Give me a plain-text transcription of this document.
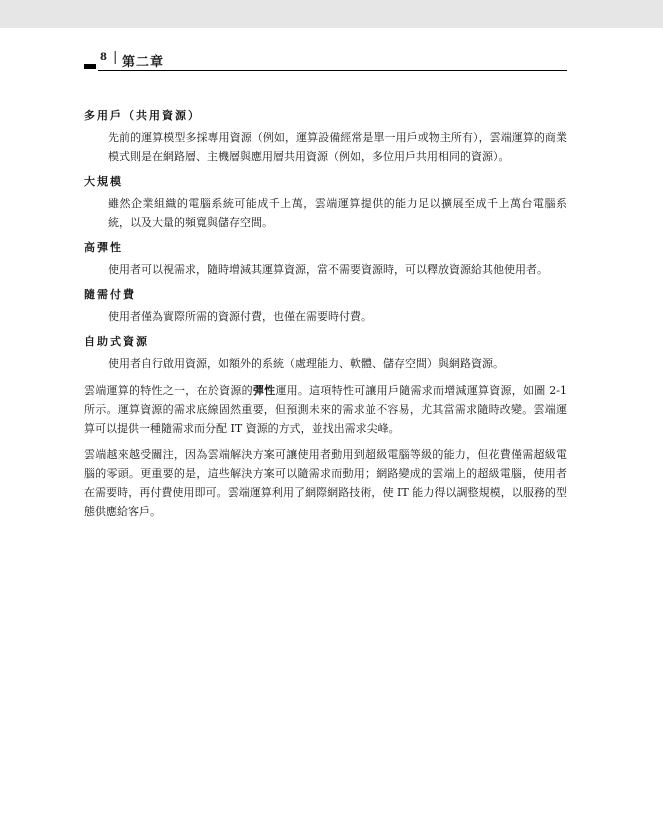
8 | 第二章

多用戶（共用資源）

先前的運算模型多採專用資源（例如，運算設備經常是單一用戶或物主所有），雲端運算的商業模式則是在網路層、主機層與應用層共用資源（例如，多位用戶共用相同的資源）。

大規模

雖然企業組織的電腦系統可能成千上萬，雲端運算提供的能力足以擴展至成千上萬台電腦系統，以及大量的頻寬與儲存空間。

高彈性

使用者可以視需求，隨時增減其運算資源，當不需要資源時，可以釋放資源給其他使用者。

隨需付費

使用者僅為實際所需的資源付費，也僅在需要時付費。

自助式資源

使用者自行啟用資源，如額外的系統（處理能力、軟體、儲存空間）與網路資源。

雲端運算的特性之一，在於資源的彈性運用。這項特性可讓用戶隨需求而增減運算資源，如圖 2-1 所示。運算資源的需求底線固然重要，但預測未來的需求並不容易，尤其當需求隨時改變。雲端運算可以提供一種隨需求而分配 IT 資源的方式，並找出需求尖峰。

雲端越來越受關注，因為雲端解決方案可讓使用者動用到超級電腦等級的能力，但花費僅需超級電腦的零頭。更重要的是，這些解決方案可以隨需求而動用；網路變成的雲端上的超級電腦，使用者在需要時，再付費使用即可。雲端運算利用了網際網路技術，使 IT 能力得以調整規模，以服務的型態供應給客戶。
